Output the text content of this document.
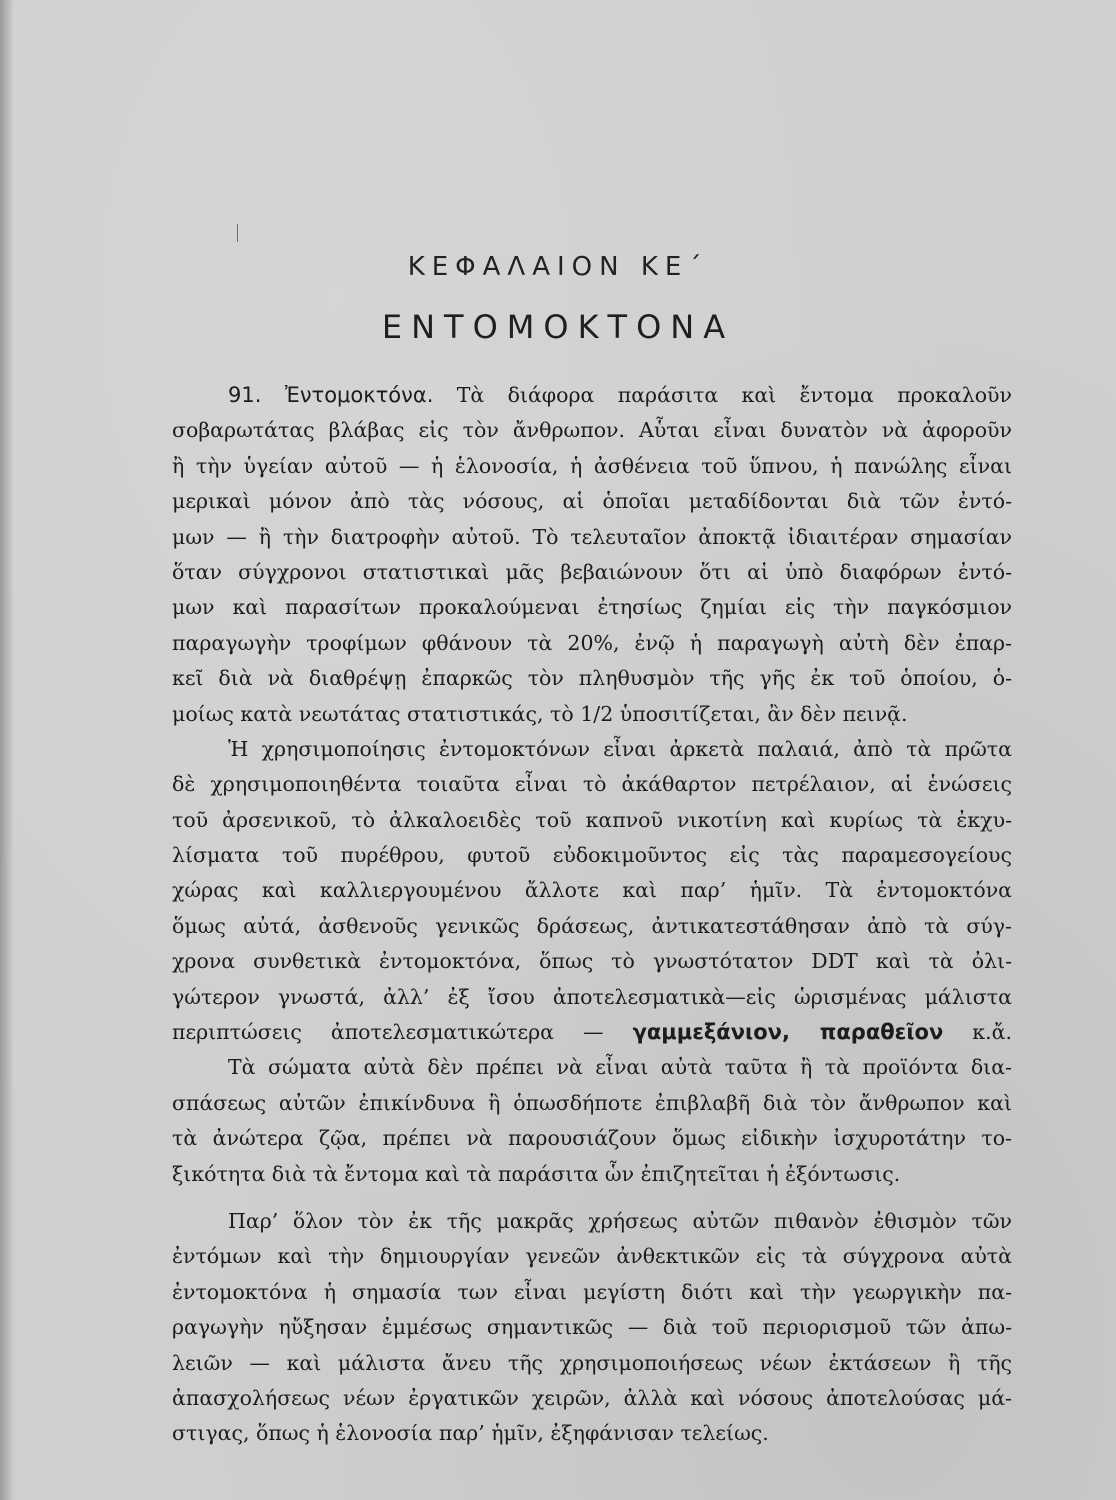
ΚΕΦΑΛΑΙΟΝ ΚΕ΄
ΕΝΤΟΜΟΚΤΟΝΑ
91. Ἐντομοκτόνα. Τὰ διάφορα παράσιτα καὶ ἔντομα προκαλοῦν
σοβαρωτάτας βλάβας εἰς τὸν ἄνθρωπον. Αὗται εἶναι δυνατὸν νὰ ἀφοροῦν
ἢ τὴν ὑγείαν αὐτοῦ — ἡ ἑλονοσία, ἡ ἀσθένεια τοῦ ὕπνου, ἡ πανώλης εἶναι
μερικαὶ μόνον ἀπὸ τὰς νόσους, αἱ ὁποῖαι μεταδίδονται διὰ τῶν ἐντό-
μων — ἢ τὴν διατροφὴν αὐτοῦ. Τὸ τελευταῖον ἀποκτᾷ ἰδιαιτέραν σημασίαν
ὅταν σύγχρονοι στατιστικαὶ μᾶς βεβαιώνουν ὅτι αἱ ὑπὸ διαφόρων ἐντό-
μων καὶ παρασίτων προκαλούμεναι ἐτησίως ζημίαι εἰς τὴν παγκόσμιον
παραγωγὴν τροφίμων φθάνουν τὰ 20%, ἐνῷ ἡ παραγωγὴ αὐτὴ δὲν ἐπαρ-
κεῖ διὰ νὰ διαθρέψῃ ἐπαρκῶς τὸν πληθυσμὸν τῆς γῆς ἐκ τοῦ ὁποίου, ὁ-
μοίως κατὰ νεωτάτας στατιστικάς, τὸ 1/2 ὑποσιτίζεται, ἂν δὲν πεινᾷ.
Ἡ χρησιμοποίησις ἐντομοκτόνων εἶναι ἀρκετὰ παλαιά, ἀπὸ τὰ πρῶτα
δὲ χρησιμοποιηθέντα τοιαῦτα εἶναι τὸ ἀκάθαρτον πετρέλαιον, αἱ ἑνώσεις
τοῦ ἀρσενικοῦ, τὸ ἀλκαλοειδὲς τοῦ καπνοῦ νικοτίνη καὶ κυρίως τὰ ἐκχυ-
λίσματα τοῦ πυρέθρου, φυτοῦ εὐδοκιμοῦντος εἰς τὰς παραμεσογείους
χώρας καὶ καλλιεργουμένου ἄλλοτε καὶ παρ’ ἡμῖν. Τὰ ἐντομοκτόνα
ὅμως αὐτά, ἀσθενοῦς γενικῶς δράσεως, ἀντικατεστάθησαν ἀπὸ τὰ σύγ-
χρονα συνθετικὰ ἐντομοκτόνα, ὅπως τὸ γνωστότατον DDT καὶ τὰ ὀλι-
γώτερον γνωστά, ἀλλ’ ἐξ ἴσου ἀποτελεσματικὰ—εἰς ὡρισμένας μάλιστα
περιπτώσεις ἀποτελεσματικώτερα — γαμμεξάνιον, παραθεῖον κ.ἄ.
Τὰ σώματα αὐτὰ δὲν πρέπει νὰ εἶναι αὐτὰ ταῦτα ἢ τὰ προϊόντα δια-
σπάσεως αὐτῶν ἐπικίνδυνα ἢ ὁπωσδήποτε ἐπιβλαβῆ διὰ τὸν ἄνθρωπον καὶ
τὰ ἀνώτερα ζῷα, πρέπει νὰ παρουσιάζουν ὅμως εἰδικὴν ἰσχυροτάτην το-
ξικότητα διὰ τὰ ἔντομα καὶ τὰ παράσιτα ὧν ἐπιζητεῖται ἡ ἐξόντωσις.
Παρ’ ὅλον τὸν ἐκ τῆς μακρᾶς χρήσεως αὐτῶν πιθανὸν ἐθισμὸν τῶν
ἐντόμων καὶ τὴν δημιουργίαν γενεῶν ἀνθεκτικῶν εἰς τὰ σύγχρονα αὐτὰ
ἐντομοκτόνα ἡ σημασία των εἶναι μεγίστη διότι καὶ τὴν γεωργικὴν πα-
ραγωγὴν ηὔξησαν ἐμμέσως σημαντικῶς — διὰ τοῦ περιορισμοῦ τῶν ἀπω-
λειῶν — καὶ μάλιστα ἄνευ τῆς χρησιμοποιήσεως νέων ἐκτάσεων ἢ τῆς
ἀπασχολήσεως νέων ἐργατικῶν χειρῶν, ἀλλὰ καὶ νόσους ἀποτελούσας μά-
στιγας, ὅπως ἡ ἑλονοσία παρ’ ἡμῖν, ἐξηφάνισαν τελείως.
